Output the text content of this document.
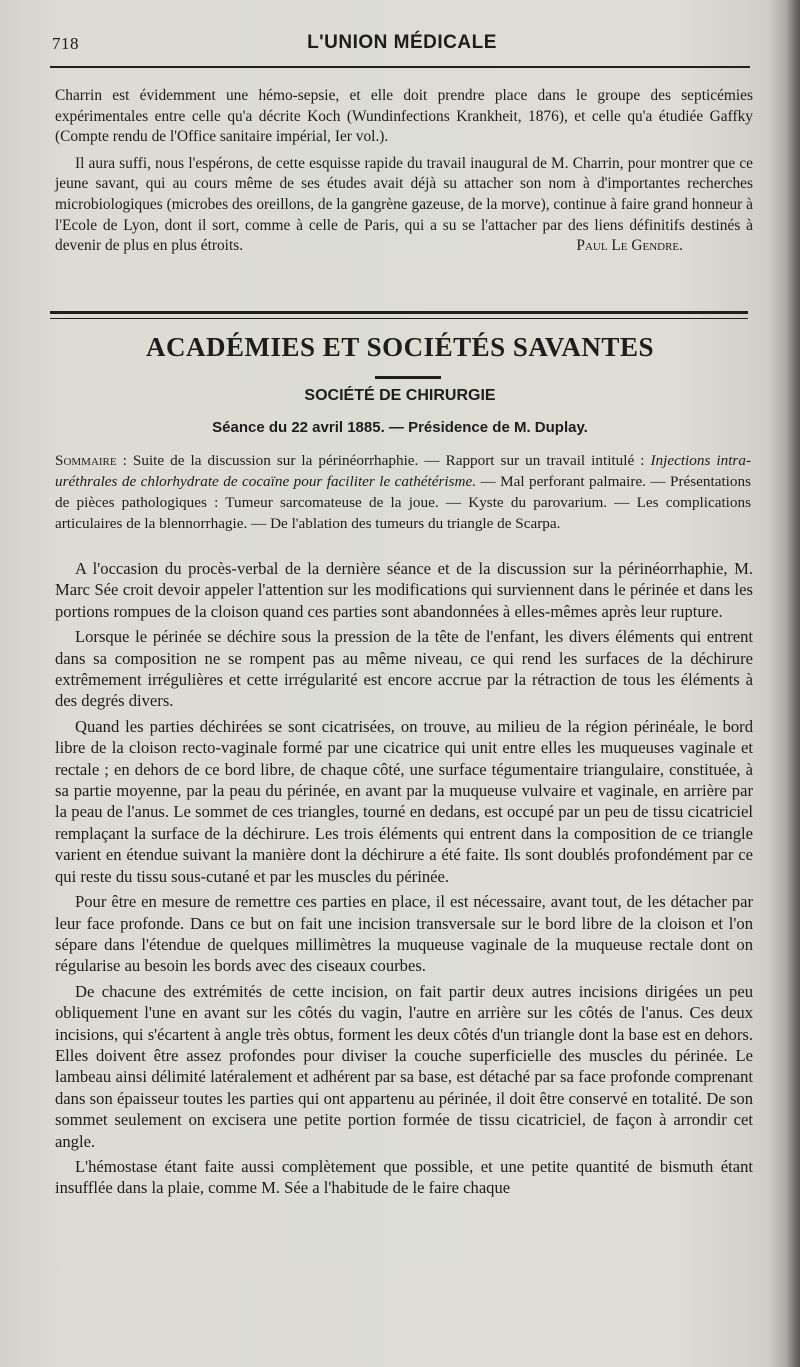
718	L'UNION MÉDICALE

Charrin est évidemment une hémo-sepsie, et elle doit prendre place dans le groupe des septicémies expérimentales entre celle qu'a décrite Koch (Wundinfections Krankheit, 1876), et celle qu'a étudiée Gaffky (Compte rendu de l'Office sanitaire impérial, Ier vol.).

Il aura suffi, nous l'espérons, de cette esquisse rapide du travail inaugural de M. Charrin, pour montrer que ce jeune savant, qui au cours même de ses études avait déjà su attacher son nom à d'importantes recherches microbiologiques (microbes des oreillons, de la gangrène gazeuse, de la morve), continue à faire grand honneur à l'Ecole de Lyon, dont il sort, comme à celle de Paris, qui a su se l'attacher par des liens définitifs destinés à devenir de plus en plus étroits.	Paul Le Gendre.

ACADÉMIES ET SOCIÉTÉS SAVANTES
SOCIÉTÉ DE CHIRURGIE
Séance du 22 avril 1885. — Présidence de M. Duplay.
Sommaire : Suite de la discussion sur la périnéorrhaphie. — Rapport sur un travail intitulé : Injections intra-uréthrales de chlorhydrate de cocaïne pour faciliter le cathétérisme. — Mal perforant palmaire. — Présentations de pièces pathologiques : Tumeur sarcomateuse de la joue. — Kyste du parovarium. — Les complications articulaires de la blennorrhagie. — De l'ablation des tumeurs du triangle de Scarpa.

A l'occasion du procès-verbal de la dernière séance et de la discussion sur la périnéorrhaphie, M. Marc Sée croit devoir appeler l'attention sur les modifications qui surviennent dans le périnée et dans les portions rompues de la cloison quand ces parties sont abandonnées à elles-mêmes après leur rupture.

Lorsque le périnée se déchire sous la pression de la tête de l'enfant, les divers éléments qui entrent dans sa composition ne se rompent pas au même niveau, ce qui rend les surfaces de la déchirure extrêmement irrégulières et cette irrégularité est encore accrue par la rétraction de tous les éléments à des degrés divers.

Quand les parties déchirées se sont cicatrisées, on trouve, au milieu de la région périnéale, le bord libre de la cloison recto-vaginale formé par une cicatrice qui unit entre elles les muqueuses vaginale et rectale ; en dehors de ce bord libre, de chaque côté, une surface tégumentaire triangulaire, constituée, à sa partie moyenne, par la peau du périnée, en avant par la muqueuse vulvaire et vaginale, en arrière par la peau de l'anus. Le sommet de ces triangles, tourné en dedans, est occupé par un peu de tissu cicatriciel remplaçant la surface de la déchirure. Les trois éléments qui entrent dans la composition de ce triangle varient en étendue suivant la manière dont la déchirure a été faite. Ils sont doublés profondément par ce qui reste du tissu sous-cutané et par les muscles du périnée.

Pour être en mesure de remettre ces parties en place, il est nécessaire, avant tout, de les détacher par leur face profonde. Dans ce but on fait une incision transversale sur le bord libre de la cloison et l'on sépare dans l'étendue de quelques millimètres la muqueuse vaginale de la muqueuse rectale dont on régularise au besoin les bords avec des ciseaux courbes.

De chacune des extrémités de cette incision, on fait partir deux autres incisions dirigées un peu obliquement l'une en avant sur les côtés du vagin, l'autre en arrière sur les côtés de l'anus. Ces deux incisions, qui s'écartent à angle très obtus, forment les deux côtés d'un triangle dont la base est en dehors. Elles doivent être assez profondes pour diviser la couche superficielle des muscles du périnée. Le lambeau ainsi délimité latéralement et adhérent par sa base, est détaché par sa face profonde comprenant dans son épaisseur toutes les parties qui ont appartenu au périnée, il doit être conservé en totalité. De son sommet seulement on excisera une petite portion formée de tissu cicatriciel, de façon à arrondir cet angle.

L'hémostase étant faite aussi complètement que possible, et une petite quantité de bismuth étant insufflée dans la plaie, comme M. Sée a l'habitude de le faire chaque
